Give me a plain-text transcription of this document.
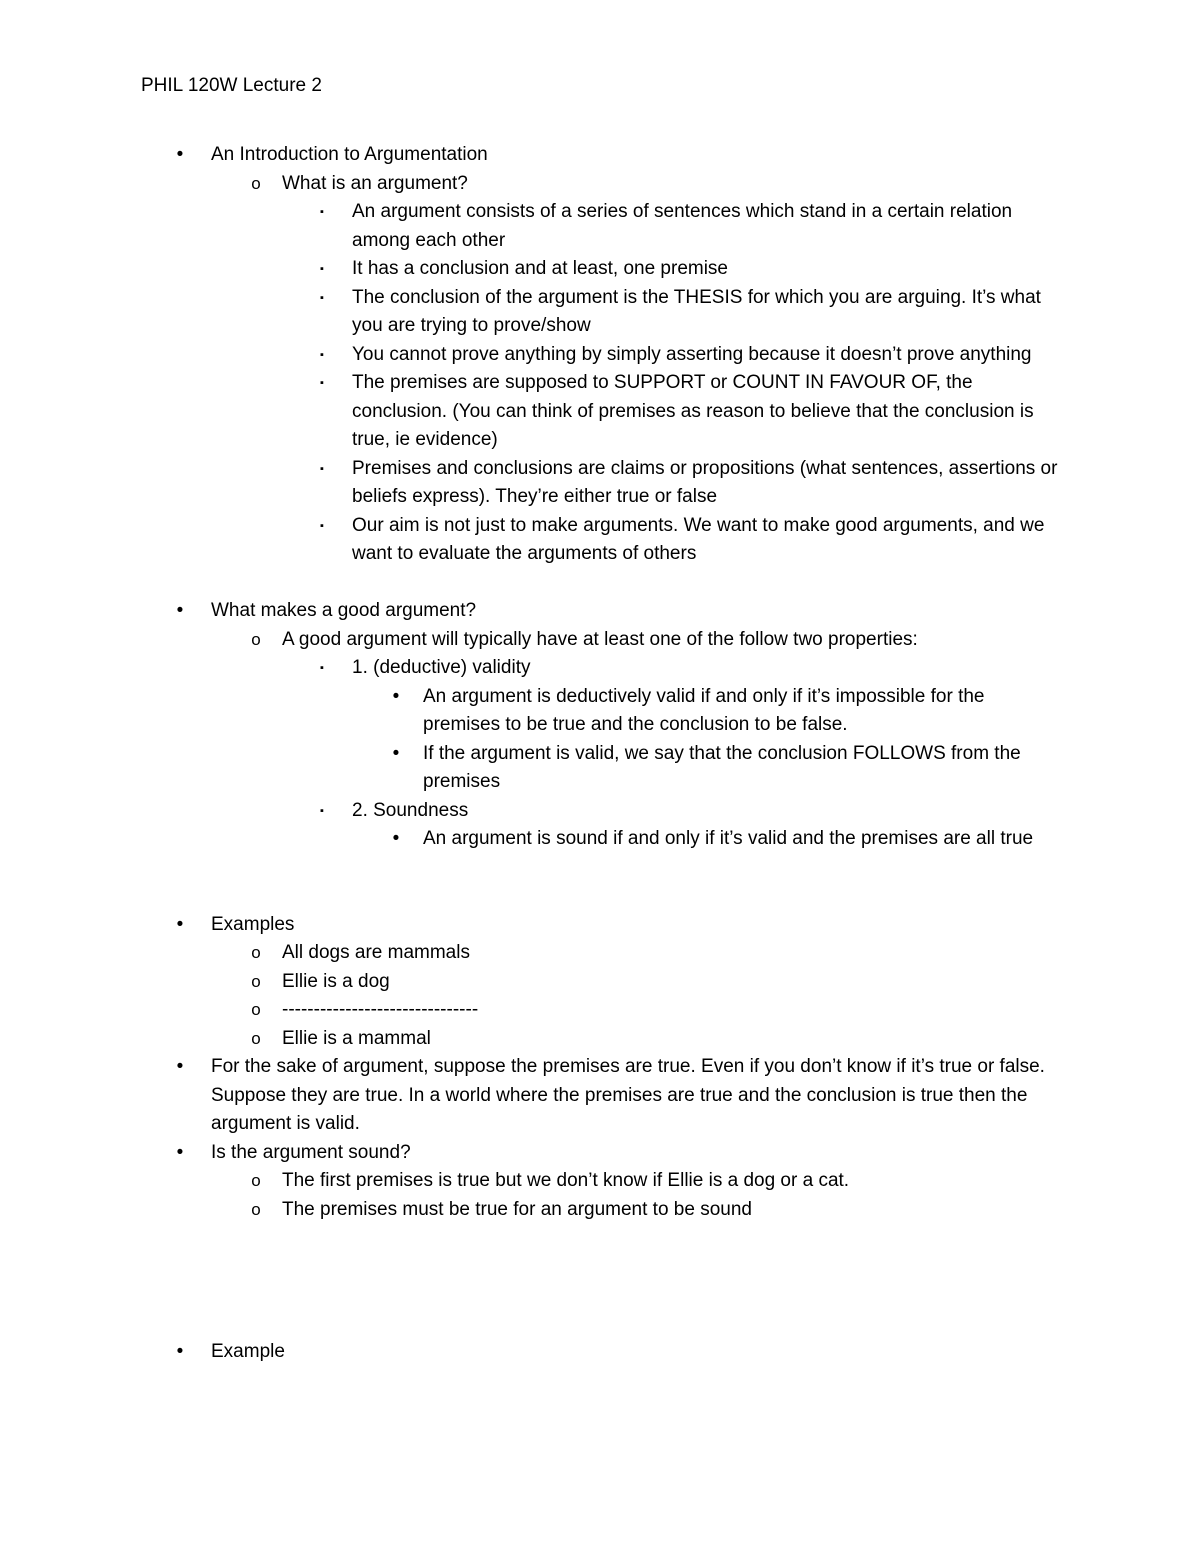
PHIL 120W Lecture 2
•	An Introduction to Argumentation
o What is an argument?
▪	An argument consists of a series of sentences which stand in a certain relation among each other
▪	It has a conclusion and at least, one premise
▪	The conclusion of the argument is the THESIS for which you are arguing. It’s what you are trying to prove/show
▪	You cannot prove anything by simply asserting because it doesn’t prove anything
▪	The premises are supposed to SUPPORT or COUNT IN FAVOUR OF, the conclusion. (You can think of premises as reason to believe that the conclusion is true, ie evidence)
▪	Premises and conclusions are claims or propositions (what sentences, assertions or beliefs express). They’re either true or false
▪	Our aim is not just to make arguments. We want to make good arguments, and we want to evaluate the arguments of others
•	What makes a good argument?
o A good argument will typically have at least one of the follow two properties:
▪	1. (deductive) validity
•	An argument is deductively valid if and only if it’s impossible for the premises to be true and the conclusion to be false.
•	If the argument is valid, we say that the conclusion FOLLOWS from the premises
▪	2. Soundness
•	An argument is sound if and only if it’s valid and the premises are all true
•	Examples
o All dogs are mammals
o Ellie is a dog
o -------------------------------
o Ellie is a mammal
•	For the sake of argument, suppose the premises are true. Even if you don’t know if it’s true or false. Suppose they are true. In a world where the premises are true and the conclusion is true then the argument is valid.
•	Is the argument sound?
o The first premises is true but we don’t know if Ellie is a dog or a cat.
o The premises must be true for an argument to be sound
•	Example
